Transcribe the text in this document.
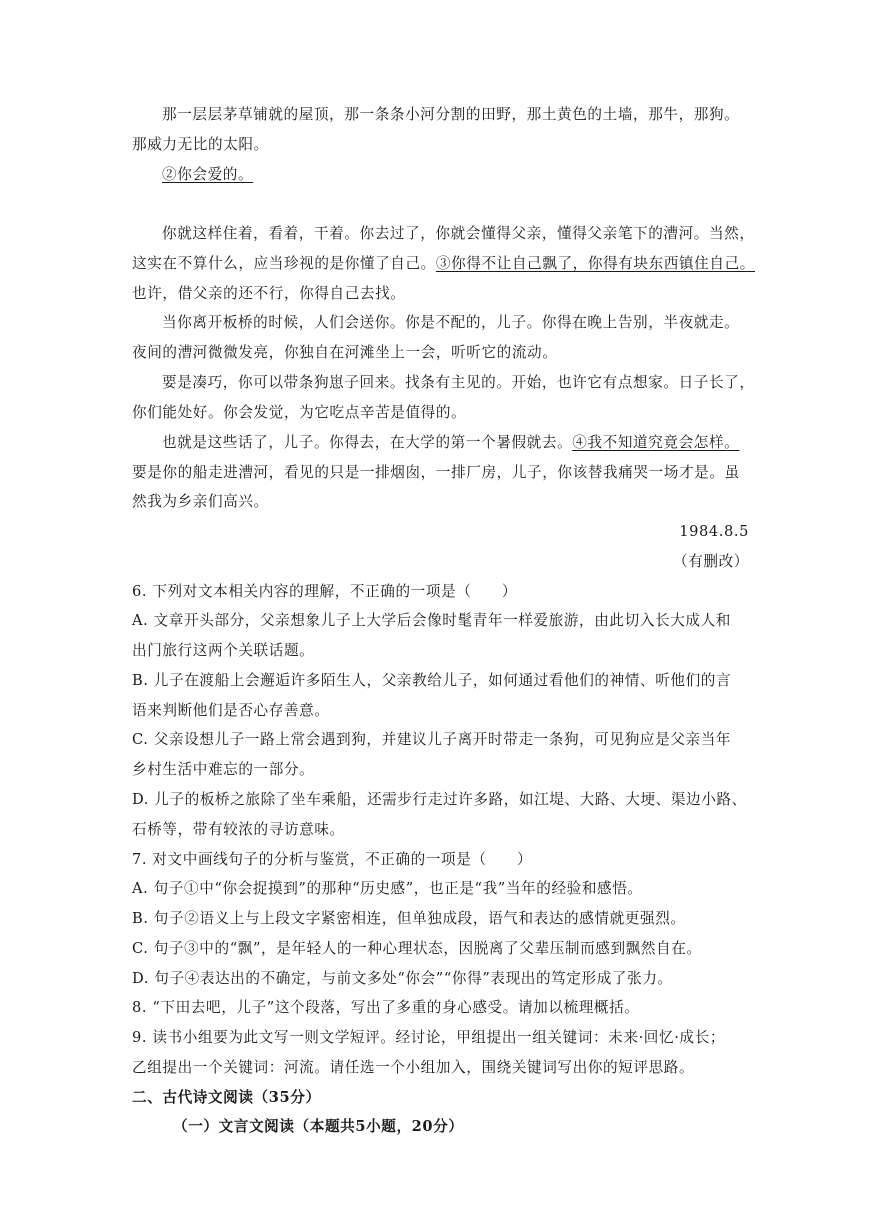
那一层层茅草铺就的屋顶，那一条条小河分割的田野，那土黄色的土墙，那牛，那狗。
那威力无比的太阳。
②你会爱的。
你就这样住着，看着，干着。你去过了，你就会懂得父亲，懂得父亲笔下的漕河。当然，
这实在不算什么，应当珍视的是你懂了自己。③你得不让自己飘了，你得有块东西镇住自己。
也许，借父亲的还不行，你得自己去找。
当你离开板桥的时候，人们会送你。你是不配的，儿子。你得在晚上告别，半夜就走。
夜间的漕河微微发亮，你独自在河滩坐上一会，听听它的流动。
要是凑巧，你可以带条狗崽子回来。找条有主见的。开始，也许它有点想家。日子长了，
你们能处好。你会发觉，为它吃点辛苦是值得的。
也就是这些话了，儿子。你得去，在大学的第一个暑假就去。④我不知道究竟会怎样。
要是你的船走进漕河，看见的只是一排烟囱，一排厂房，儿子，你该替我痛哭一场才是。虽
然我为乡亲们高兴。
1984.8.5
（有删改）
6. 下列对文本相关内容的理解，不正确的一项是（　　）
A. 文章开头部分，父亲想象儿子上大学后会像时髦青年一样爱旅游，由此切入长大成人和
出门旅行这两个关联话题。
B. 儿子在渡船上会邂逅许多陌生人，父亲教给儿子，如何通过看他们的神情、听他们的言
语来判断他们是否心存善意。
C. 父亲设想儿子一路上常会遇到狗，并建议儿子离开时带走一条狗，可见狗应是父亲当年
乡村生活中难忘的一部分。
D. 儿子的板桥之旅除了坐车乘船，还需步行走过许多路，如江堤、大路、大埂、渠边小路、
石桥等，带有较浓的寻访意味。
7. 对文中画线句子的分析与鉴赏，不正确的一项是（　　）
A. 句子①中“你会捉摸到”的那种“历史感”，也正是“我”当年的经验和感悟。
B. 句子②语义上与上段文字紧密相连，但单独成段，语气和表达的感情就更强烈。
C. 句子③中的“飘”，是年轻人的一种心理状态，因脱离了父辈压制而感到飘然自在。
D. 句子④表达出的不确定，与前文多处“你会”“你得”表现出的笃定形成了张力。
8. “下田去吧，儿子”这个段落，写出了多重的身心感受。请加以梳理概括。
9. 读书小组要为此文写一则文学短评。经讨论，甲组提出一组关键词：未来·回忆·成长；
乙组提出一个关键词：河流。请任选一个小组加入，围绕关键词写出你的短评思路。
二、古代诗文阅读（35分）
（一）文言文阅读（本题共5小题，20分）
